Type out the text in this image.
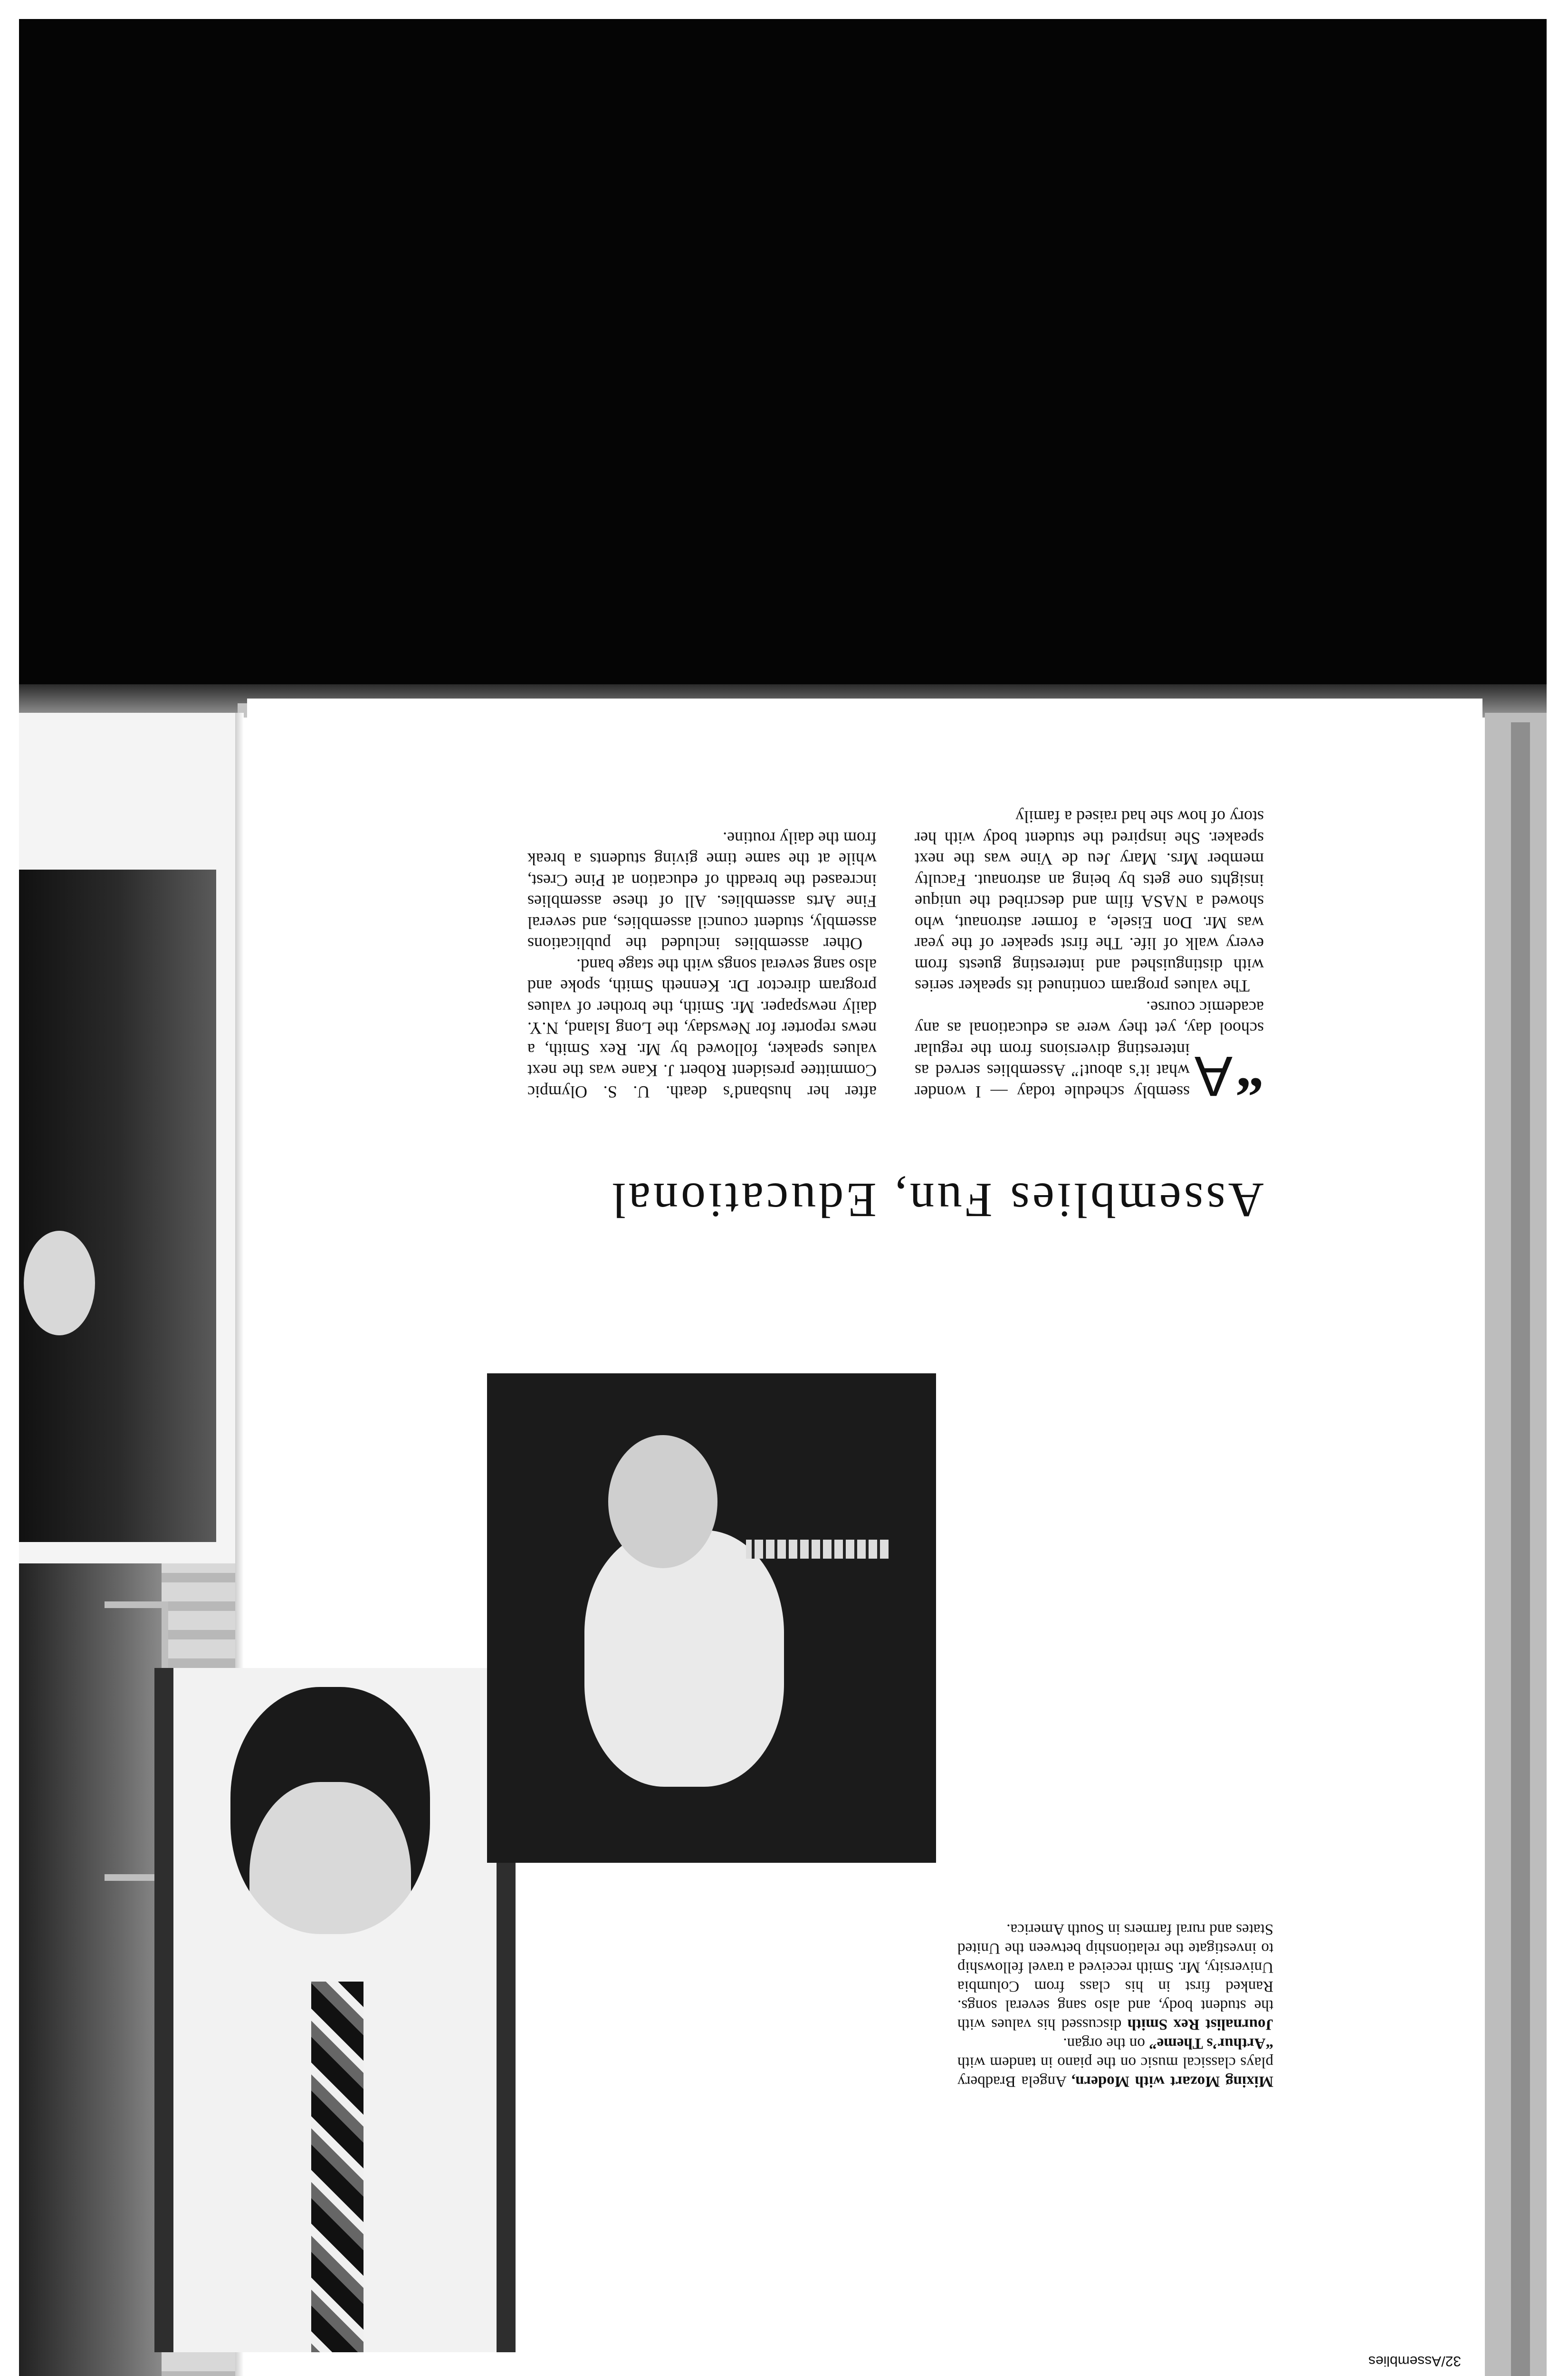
32/Assemblies
Mixing Mozart with Modern, Angela Bradbery plays classical music on the piano in tandem with “Arthur’s Theme” on the organ.
Journalist Rex Smith discussed his values with the student body, and also sang several songs. Ranked first in his class from Columbia University, Mr. Smith received a travel fellowship to investigate the relationship between the United States and rural farmers in South America.
Assemblies Fun, Educational

“
A
ssembly schedule today — I wonder what it’s about!” Assemblies served as interesting diversions from the regular school day, yet they were as educational as any academic course.

The values program continued its speaker series with distinguished and interesting guests from every walk of life. The first speaker of the year was Mr. Don Eisele, a former astronaut, who showed a NASA film and described the unique insights one gets by being an astronaut. Faculty member Mrs. Mary Jeu de Vine was the next speaker. She inspired the student body with her story of how she had raised a family

after her husband’s death. U. S. Olympic Committee president Robert J. Kane was the next values speaker, followed by Mr. Rex Smith, a news reporter for Newsday, the Long Island, N.Y. daily newspaper. Mr. Smith, the brother of values program director Dr. Kenneth Smith, spoke and also sang several songs with the stage band.

Other assemblies included the publications assembly, student council assemblies, and several Fine Arts assemblies. All of these assemblies increased the breadth of education at Pine Crest, while at the same time giving students a break from the daily routine.
